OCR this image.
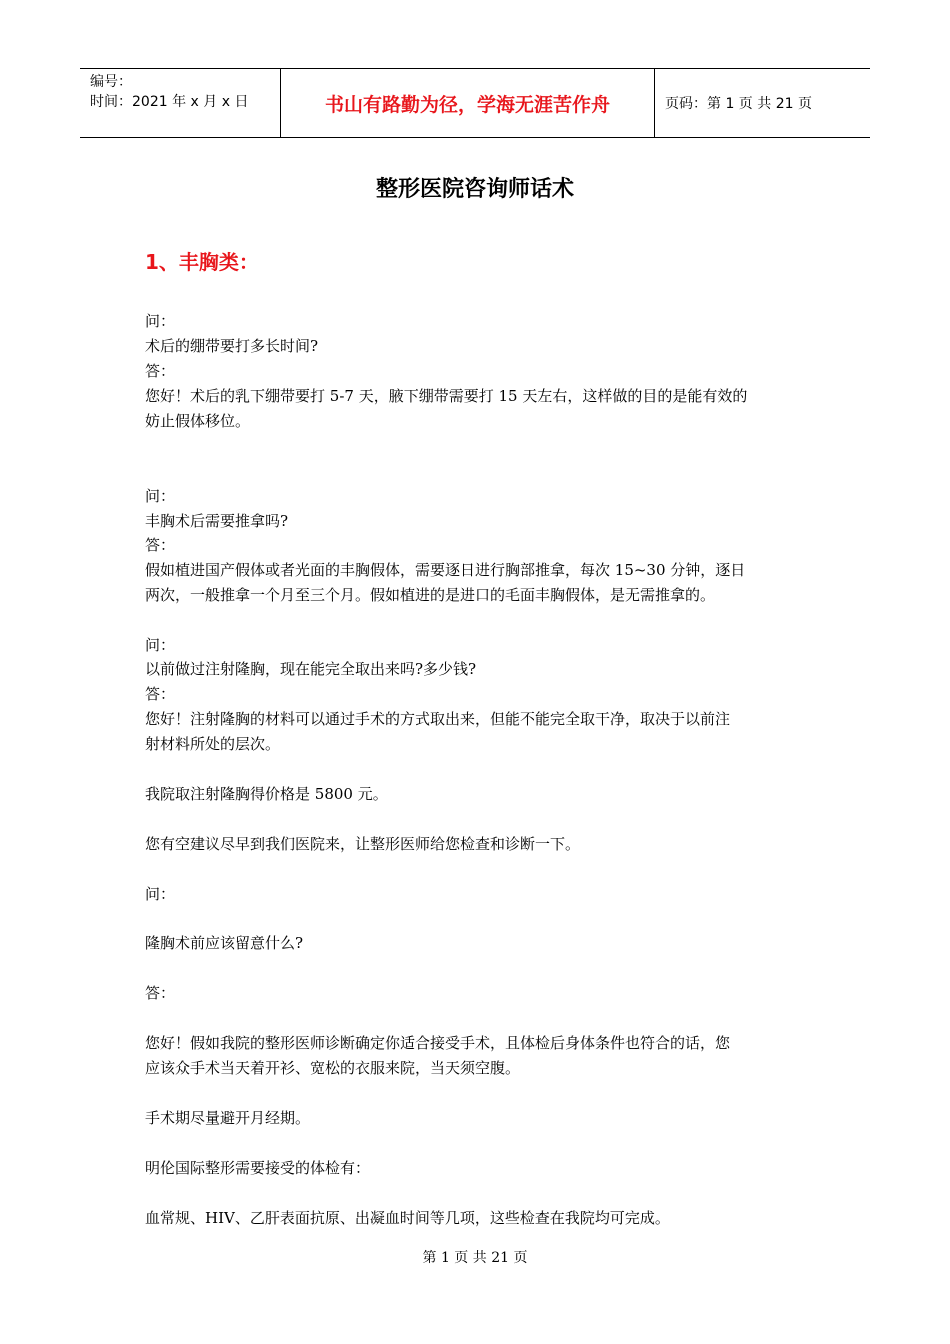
编号：
时间：2021 年 x 月 x 日	书山有路勤为径，学海无涯苦作舟	页码：第 1 页 共 21 页
整形医院咨询师话术
1、丰胸类：
问：
术后的绷带要打多长时间?
答：
您好！术后的乳下绷带要打 5-7 天，腋下绷带需要打 15 天左右，这样做的目的是能有效的
妨止假体移位。
问：
丰胸术后需要推拿吗?
答：
假如植进国产假体或者光面的丰胸假体，需要逐日进行胸部推拿，每次 15~30 分钟，逐日
两次，一般推拿一个月至三个月。假如植进的是进口的毛面丰胸假体，是无需推拿的。
问：
以前做过注射隆胸，现在能完全取出来吗?多少钱?
答：
您好！注射隆胸的材料可以通过手术的方式取出来，但能不能完全取干净，取决于以前注
射材料所处的层次。
我院取注射隆胸得价格是 5800 元。
您有空建议尽早到我们医院来，让整形医师给您检查和诊断一下。
问：
隆胸术前应该留意什么?
答：
您好！假如我院的整形医师诊断确定你适合接受手术，且体检后身体条件也符合的话，您
应该众手术当天着开衫、宽松的衣服来院，当天须空腹。
手术期尽量避开月经期。
明伦国际整形需要接受的体检有：
血常规、HIV、乙肝表面抗原、出凝血时间等几项，这些检查在我院均可完成。
第 1 页 共 21 页
